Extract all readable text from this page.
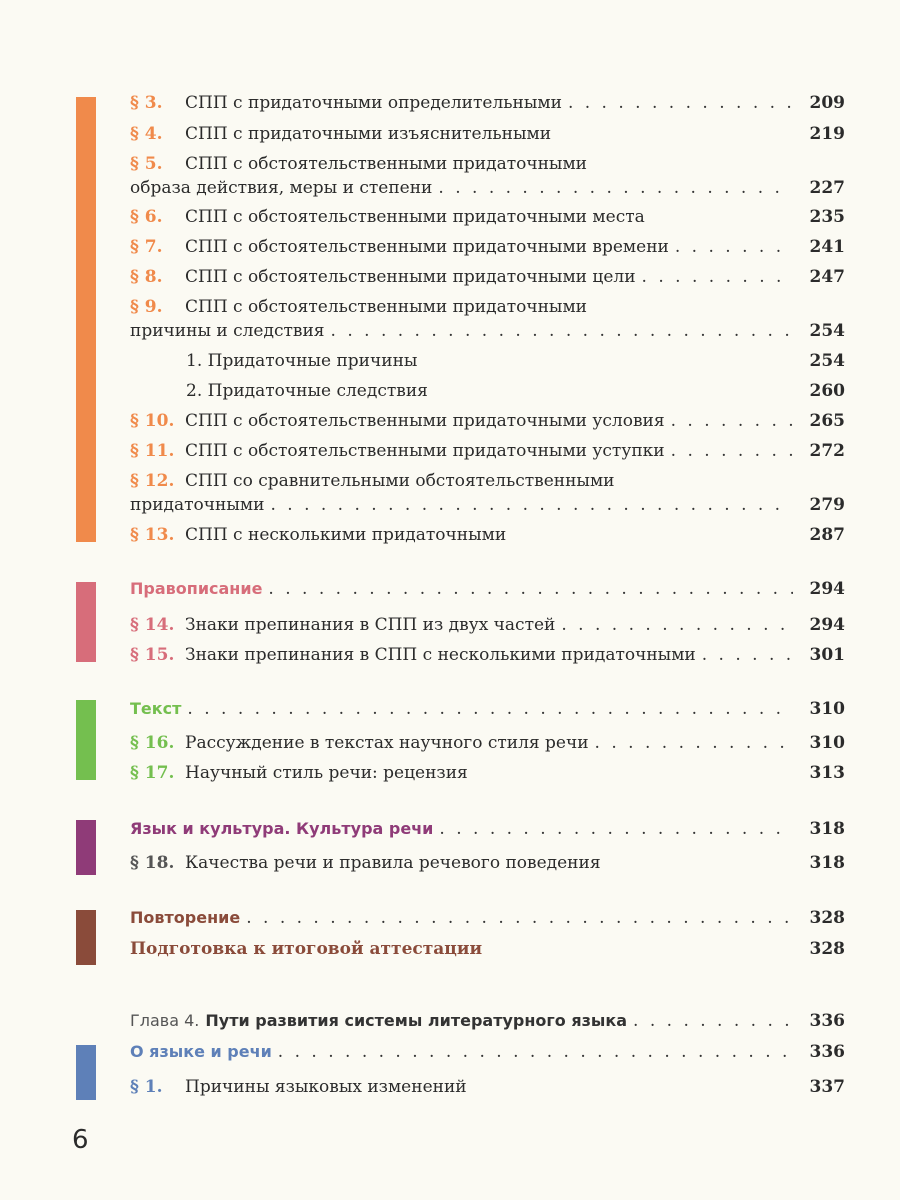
§ 3.	СПП с придаточными определительными . . .	209
§ 4.	СПП с придаточными изъяснительными	219
§ 5.	СПП с обстоятельственными придаточными
образа действия, меры и степени . . .	227
§ 6.	СПП с обстоятельственными придаточными места	235
§ 7.	СПП с обстоятельственными придаточными времени . . .	241
§ 8.	СПП с обстоятельственными придаточными цели . . .	247
§ 9.	СПП с обстоятельственными придаточными
причины и следствия . . .	254
1. Придаточные причины	254
2. Придаточные следствия	260
§ 10. СПП с обстоятельственными придаточными условия . . .	265
§ 11. СПП с обстоятельственными придаточными уступки . . .	272
§ 12. СПП со сравнительными обстоятельственными
придаточными . . .	279
§ 13. СПП с несколькими придаточными	287
Правописание . . .	294
§ 14. Знаки препинания в СПП из двух частей . . .	294
§ 15. Знаки препинания в СПП с несколькими придаточными . . .	301
Текст . . .	310
§ 16. Рассуждение в текстах научного стиля речи . . .	310
§ 17. Научный стиль речи: рецензия	313
Язык и культура. Культура речи . . .	318
§ 18. Качества речи и правила речевого поведения	318
Повторение . . .	328
Подготовка к итоговой аттестации	328
Глава 4. Пути развития системы литературного языка . . .	336
О языке и речи . . .	336
§ 1.	Причины языковых изменений	337
6
